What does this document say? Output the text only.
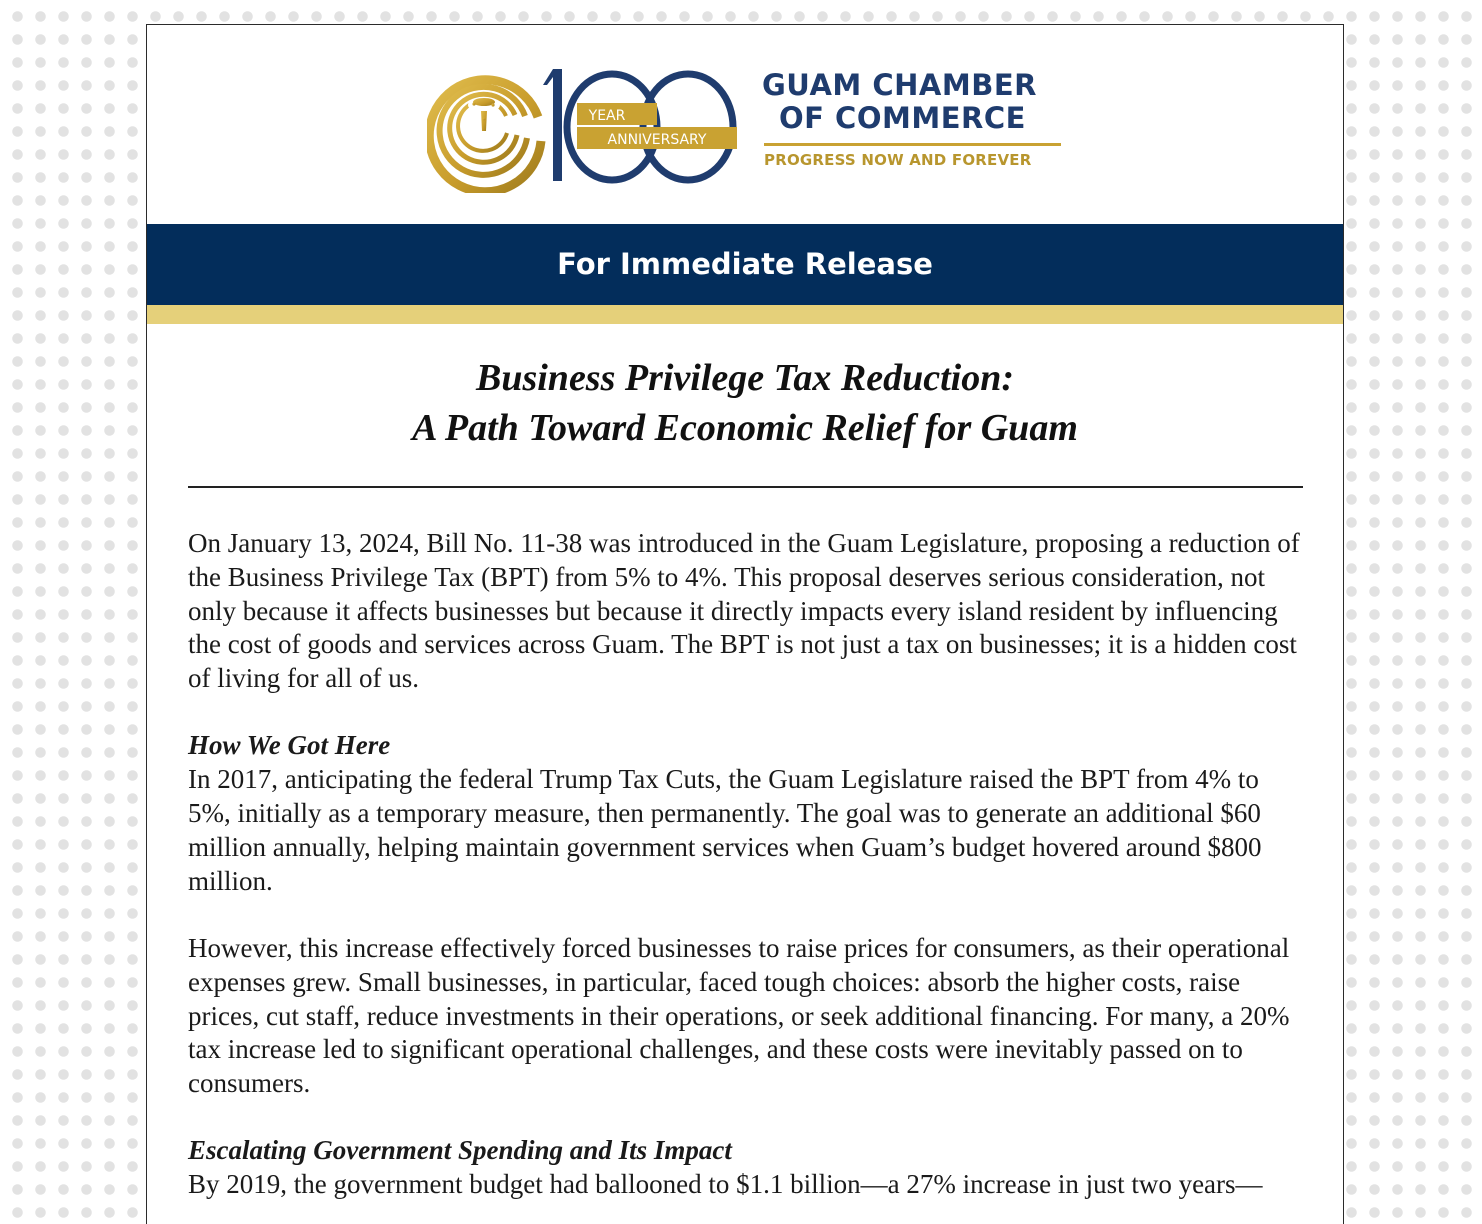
YEAR
ANNIVERSARY
GUAM CHAMBER
OF COMMERCE
PROGRESS NOW AND FOREVER
For Immediate Release
Business Privilege Tax Reduction:
A Path Toward Economic Relief for Guam

On January 13, 2024, Bill No. 11-38 was introduced in the Guam Legislature, proposing a reduction of the Business Privilege Tax (BPT) from 5% to 4%. This proposal deserves serious consideration, not only because it affects businesses but because it directly impacts every island resident by influencing the cost of goods and services across Guam. The BPT is not just a tax on businesses; it is a hidden cost of living for all of us.

How We Got Here

In 2017, anticipating the federal Trump Tax Cuts, the Guam Legislature raised the BPT from 4% to 5%, initially as a temporary measure, then permanently. The goal was to generate an additional $60 million annually, helping maintain government services when Guam’s budget hovered around $800 million.

However, this increase effectively forced businesses to raise prices for consumers, as their operational expenses grew. Small businesses, in particular, faced tough choices: absorb the higher costs, raise prices, cut staff, reduce investments in their operations, or seek additional financing. For many, a 20% tax increase led to significant operational challenges, and these costs were inevitably passed on to consumers.

Escalating Government Spending and Its Impact

By 2019, the government budget had ballooned to $1.1 billion—a 27% increase in just two years—
